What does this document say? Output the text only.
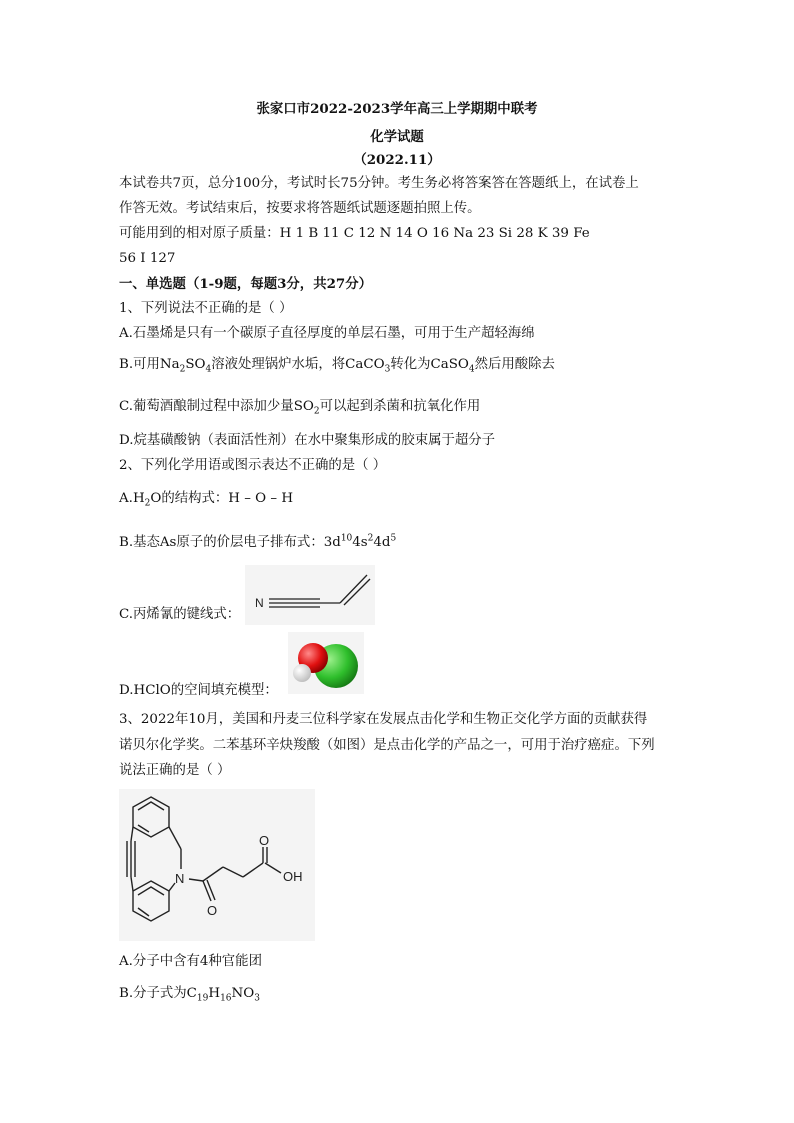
张家口市2022-2023学年高三上学期期中联考
化学试题
（2022.11）
本试卷共7页，总分100分，考试时长75分钟。考生务必将答案答在答题纸上，在试卷上
作答无效。考试结束后，按要求将答题纸试题逐题拍照上传。
可能用到的相对原子质量：H 1 B 11 C 12 N 14 O 16 Na 23 Si 28 K 39 Fe
56 I 127
一、单选题（1-9题，每题3分，共27分）
1、下列说法不正确的是（ ）
A.石墨烯是只有一个碳原子直径厚度的单层石墨，可用于生产超轻海绵
B.可用$Na_2SO_4$溶液处理锅炉水垢，将CaCO$_3$转化为CaSO$_4$然后用酸除去
C.葡萄酒酿制过程中添加少量$SO_2$可以起到杀菌和抗氧化作用
D.烷基磺酸钠（表面活性剂）在水中聚集形成的胶束属于超分子
2、下列化学用语或图示表达不正确的是（ ）
$A.H_2O$的结构式：H – O – H
B.基态As原子的价层电子排布式：$3d^{10}4s^24d^5$
C.丙烯氰的键线式：
N
D.HClO的空间填充模型：
3、2022年10月，美国和丹麦三位科学家在发展点击化学和生物正交化学方面的贡献获得
诺贝尔化学奖。二苯基环辛炔羧酸（如图）是点击化学的产品之一，可用于治疗癌症。下列
说法正确的是（ ）
N
O
O
OH
A.分子中含有4种官能团
B.分子式为$C_{19}H_{16}NO_3$
